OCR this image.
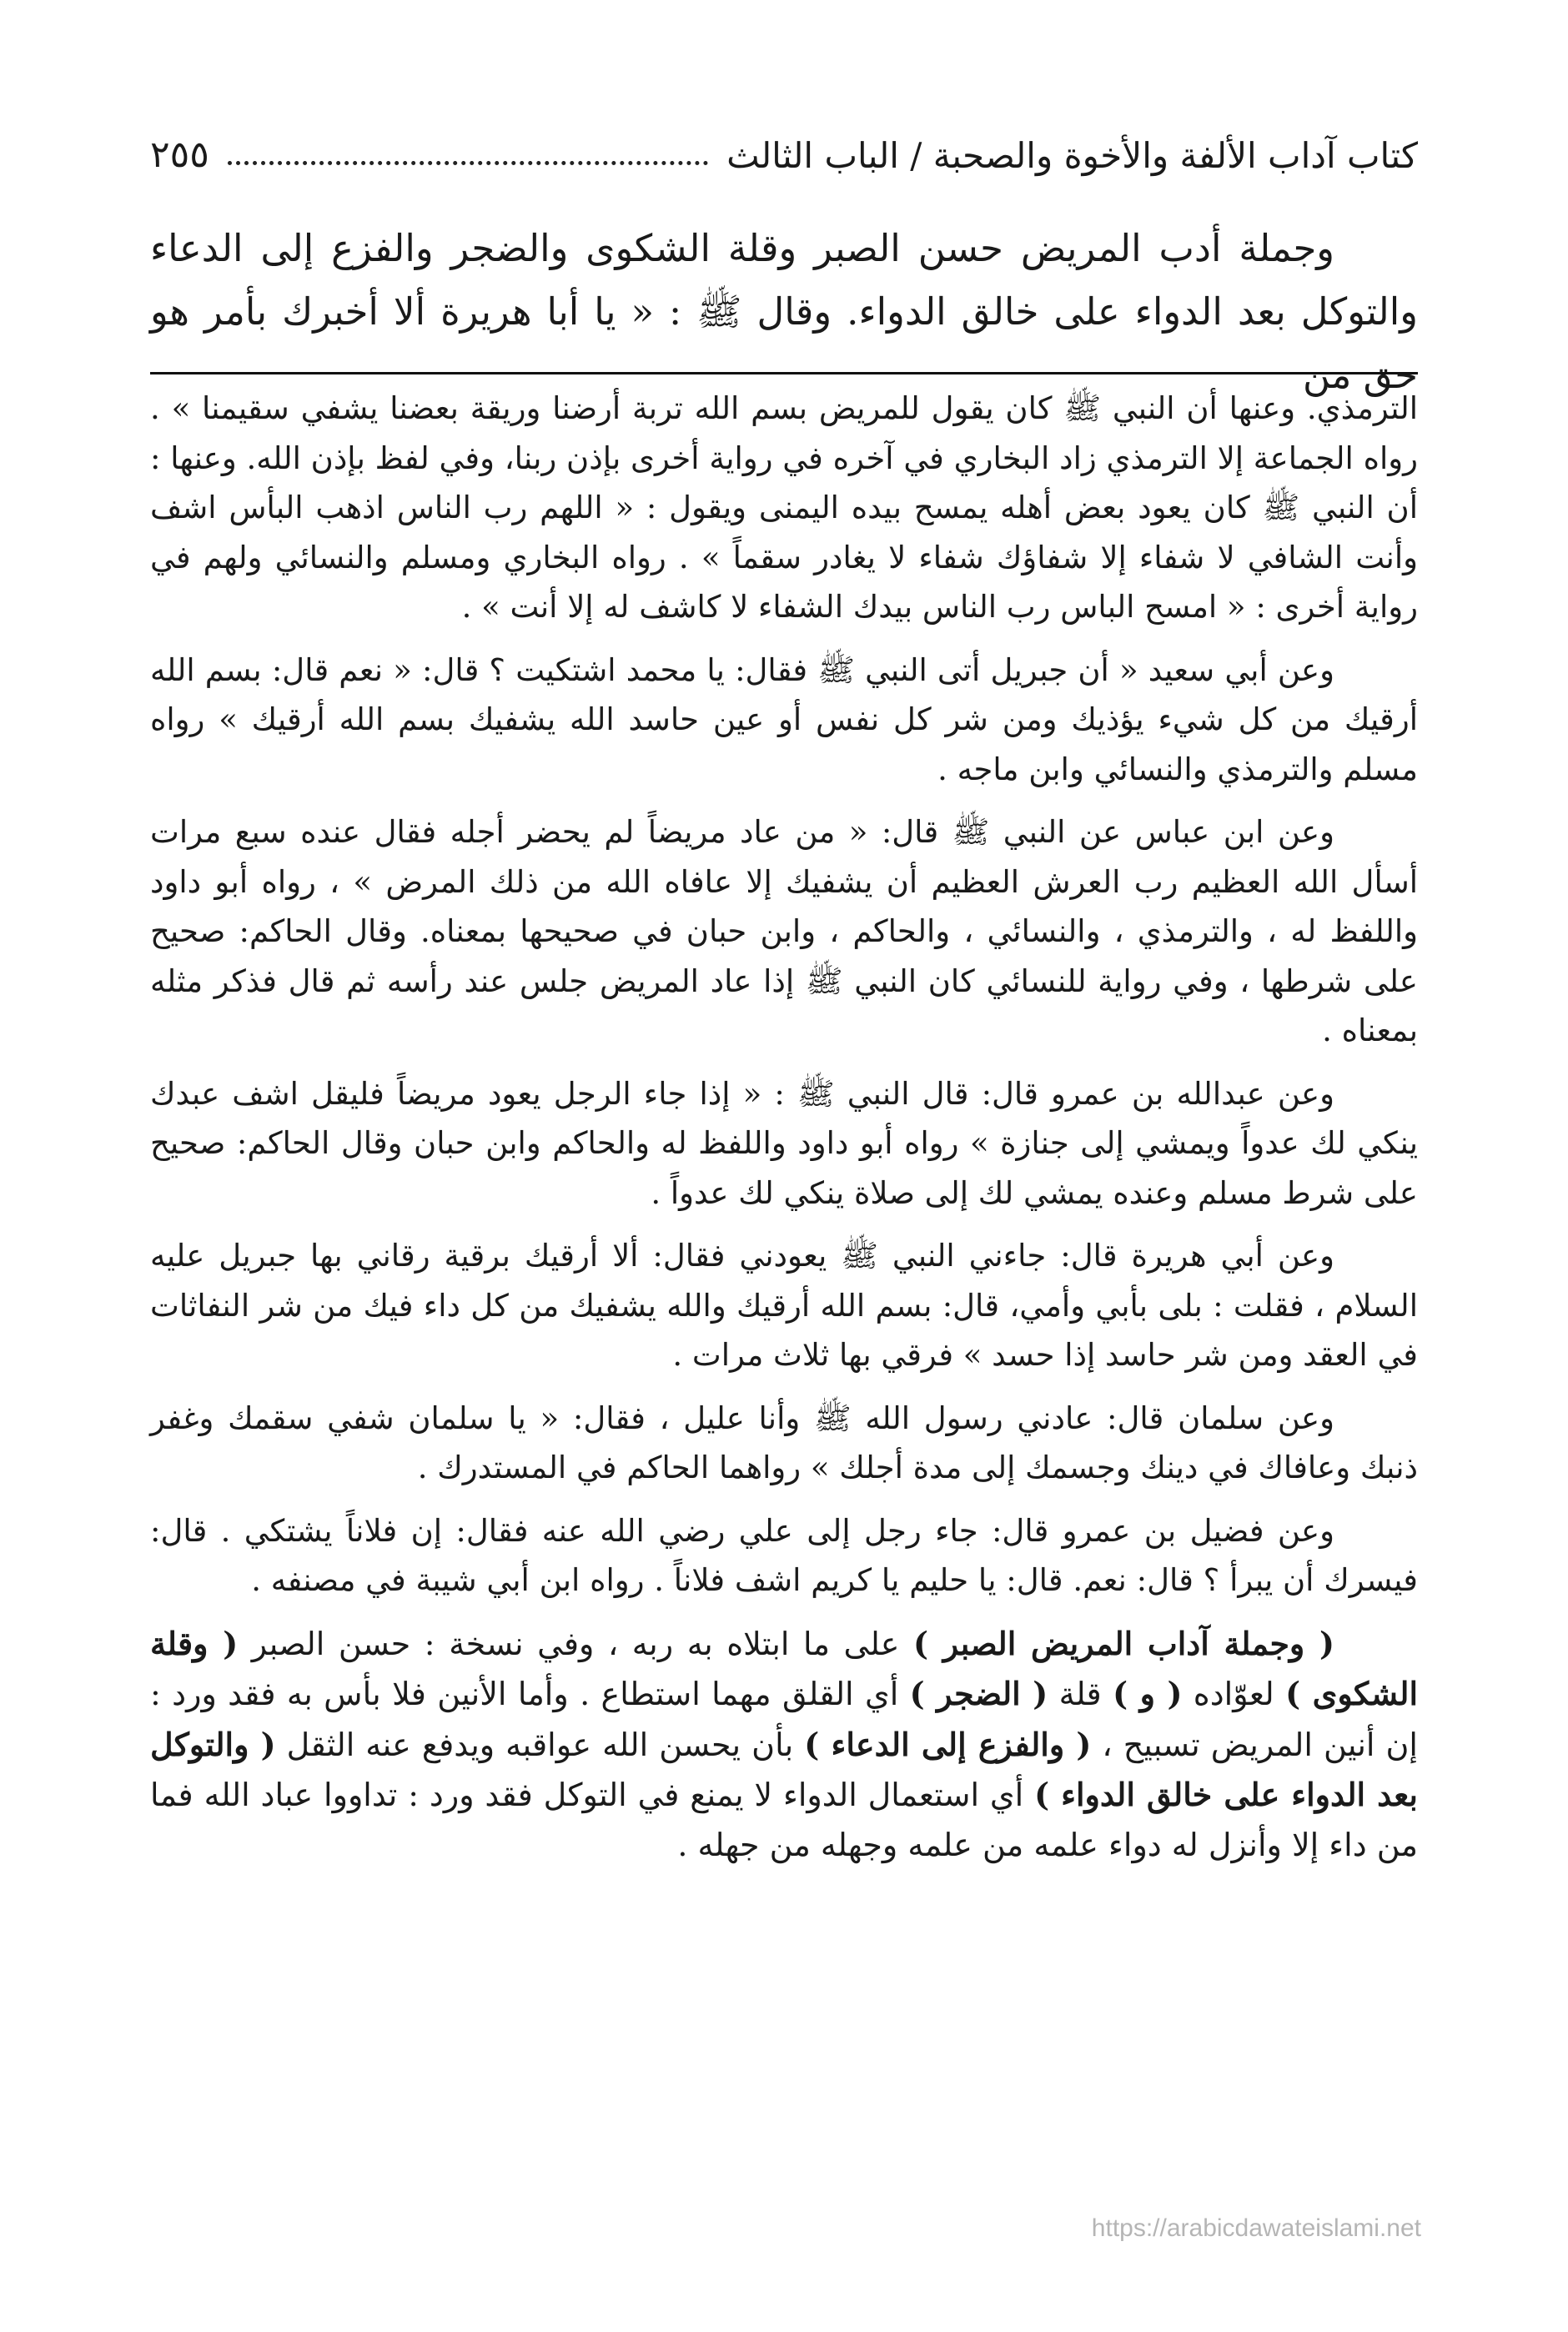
كتاب آداب الألفة والأخوة والصحبة / الباب الثالث
٢٥٥

وجملة أدب المريض حسن الصبر وقلة الشكوى والضجر والفزع إلى الدعاء والتوكل بعد الدواء على خالق الدواء. وقال ﷺ : « يا أبا هريرة ألا أخبرك بأمر هو حق من

الترمذي. وعنها أن النبي ﷺ كان يقول للمريض بسم الله تربة أرضنا وريقة بعضنا يشفي سقيمنا » . رواه الجماعة إلا الترمذي زاد البخاري في آخره في رواية أخرى بإذن ربنا، وفي لفظ بإذن الله. وعنها : أن النبي ﷺ كان يعود بعض أهله يمسح بيده اليمنى ويقول : « اللهم رب الناس اذهب البأس اشف وأنت الشافي لا شفاء إلا شفاؤك شفاء لا يغادر سقماً » . رواه البخاري ومسلم والنسائي ولهم في رواية أخرى : « امسح الباس رب الناس بيدك الشفاء لا كاشف له إلا أنت » .

وعن أبي سعيد « أن جبريل أتى النبي ﷺ فقال: يا محمد اشتكيت ؟ قال: « نعم قال: بسم الله أرقيك من كل شيء يؤذيك ومن شر كل نفس أو عين حاسد الله يشفيك بسم الله أرقيك » رواه مسلم والترمذي والنسائي وابن ماجه .

وعن ابن عباس عن النبي ﷺ قال: « من عاد مريضاً لم يحضر أجله فقال عنده سبع مرات أسأل الله العظيم رب العرش العظيم أن يشفيك إلا عافاه الله من ذلك المرض » ، رواه أبو داود واللفظ له ، والترمذي ، والنسائي ، والحاكم ، وابن حبان في صحيحها بمعناه. وقال الحاكم: صحيح على شرطها ، وفي رواية للنسائي كان النبي ﷺ إذا عاد المريض جلس عند رأسه ثم قال فذكر مثله بمعناه .

وعن عبدالله بن عمرو قال: قال النبي ﷺ : « إذا جاء الرجل يعود مريضاً فليقل اشف عبدك ينكي لك عدواً ويمشي إلى جنازة » رواه أبو داود واللفظ له والحاكم وابن حبان وقال الحاكم: صحيح على شرط مسلم وعنده يمشي لك إلى صلاة ينكي لك عدواً .

وعن أبي هريرة قال: جاءني النبي ﷺ يعودني فقال: ألا أرقيك برقية رقاني بها جبريل عليه السلام ، فقلت : بلى بأبي وأمي، قال: بسم الله أرقيك والله يشفيك من كل داء فيك من شر النفاثات في العقد ومن شر حاسد إذا حسد » فرقي بها ثلاث مرات .

وعن سلمان قال: عادني رسول الله ﷺ وأنا عليل ، فقال: « يا سلمان شفي سقمك وغفر ذنبك وعافاك في دينك وجسمك إلى مدة أجلك » رواهما الحاكم في المستدرك .

وعن فضيل بن عمرو قال: جاء رجل إلى علي رضي الله عنه فقال: إن فلاناً يشتكي . قال: فيسرك أن يبرأ ؟ قال: نعم. قال: يا حليم يا كريم اشف فلاناً . رواه ابن أبي شيبة في مصنفه .

( وجملة آداب المريض الصبر ) على ما ابتلاه به ربه ، وفي نسخة : حسن الصبر ( وقلة الشكوى ) لعوّاده ( و ) قلة ( الضجر ) أي القلق مهما استطاع . وأما الأنين فلا بأس به فقد ورد : إن أنين المريض تسبيح ، ( والفزع إلى الدعاء ) بأن يحسن الله عواقبه ويدفع عنه الثقل ( والتوكل بعد الدواء على خالق الدواء ) أي استعمال الدواء لا يمنع في التوكل فقد ورد : تداووا عباد الله فما من داء إلا وأنزل له دواء علمه من علمه وجهله من جهله .

https://arabicdawateislami.net
